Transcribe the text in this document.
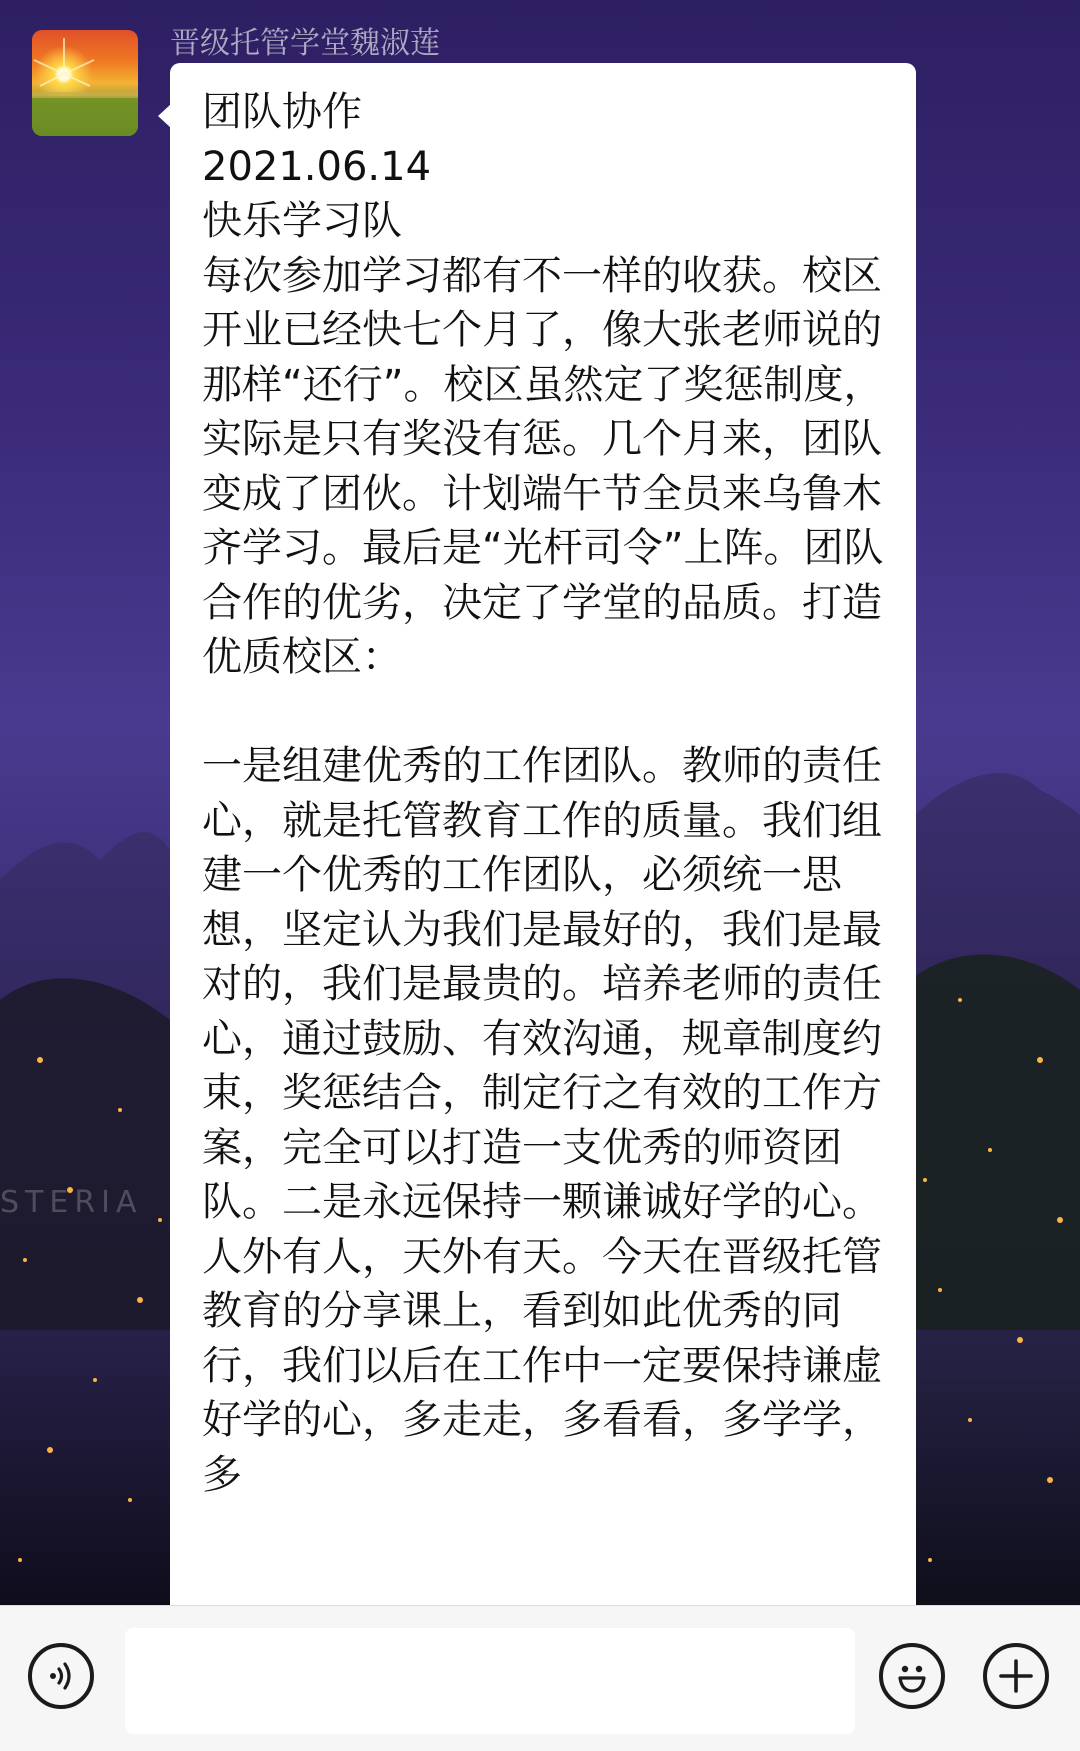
STERIA
晋级托管学堂魏淑莲
团队协作
2021.06.14
快乐学习队
每次参加学习都有不一样的收获。校区开业已经快七个月了，像大张老师说的那样“还行”。校区虽然定了奖惩制度，实际是只有奖没有惩。几个月来，团队变成了团伙。计划端午节全员来乌鲁木齐学习。最后是“光杆司令”上阵。团队合作的优劣，决定了学堂的品质。打造优质校区：

一是组建优秀的工作团队。教师的责任心，就是托管教育工作的质量。我们组建一个优秀的工作团队，必须统一思想，坚定认为我们是最好的，我们是最对的，我们是最贵的。培养老师的责任心，通过鼓励、有效沟通，规章制度约束，奖惩结合，制定行之有效的工作方案，完全可以打造一支优秀的师资团队。二是永远保持一颗谦诚好学的心。人外有人，天外有天。今天在晋级托管教育的分享课上，看到如此优秀的同行，我们以后在工作中一定要保持谦虚好学的心，多走走，多看看，多学学，多
